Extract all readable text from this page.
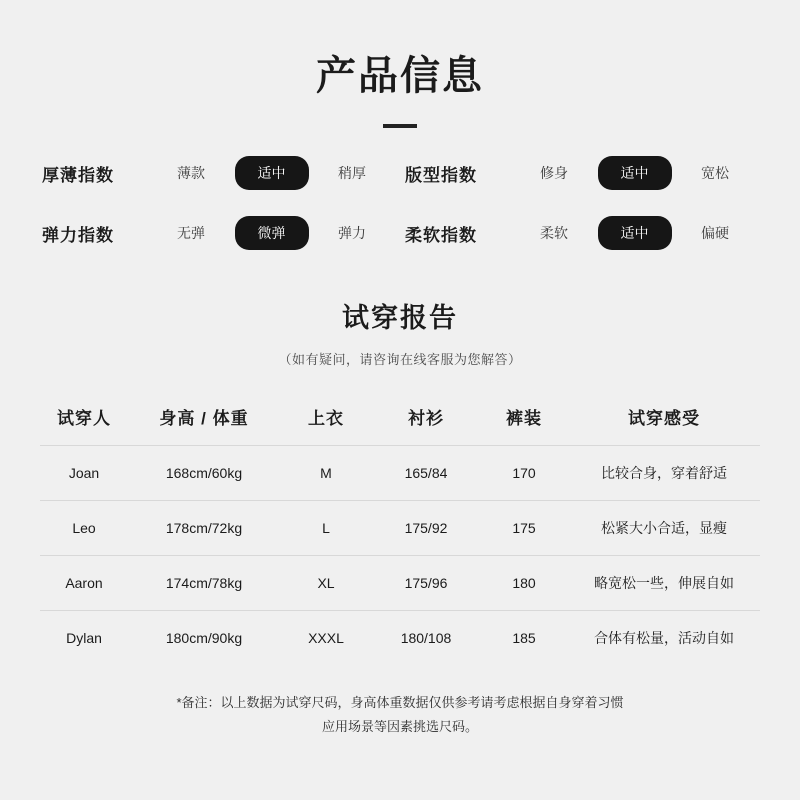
产品信息
厚薄指数	薄款	适中	稍厚	版型指数	修身	适中	宽松
弹力指数	无弹	微弹	弹力	柔软指数	柔软	适中	偏硬
试穿报告
（如有疑问，请咨询在线客服为您解答）
试穿人	身高 / 体重	上衣	衬衫	裤装	试穿感受
Joan	168cm/60kg	M	165/84	170	比较合身，穿着舒适
Leo	178cm/72kg	L	175/92	175	松紧大小合适，显瘦
Aaron	174cm/78kg	XL	175/96	180	略宽松一些，伸展自如
Dylan	180cm/90kg	XXXL	180/108	185	合体有松量，活动自如
*备注：以上数据为试穿尺码，身高体重数据仅供参考请考虑根据自身穿着习惯
应用场景等因素挑选尺码。
